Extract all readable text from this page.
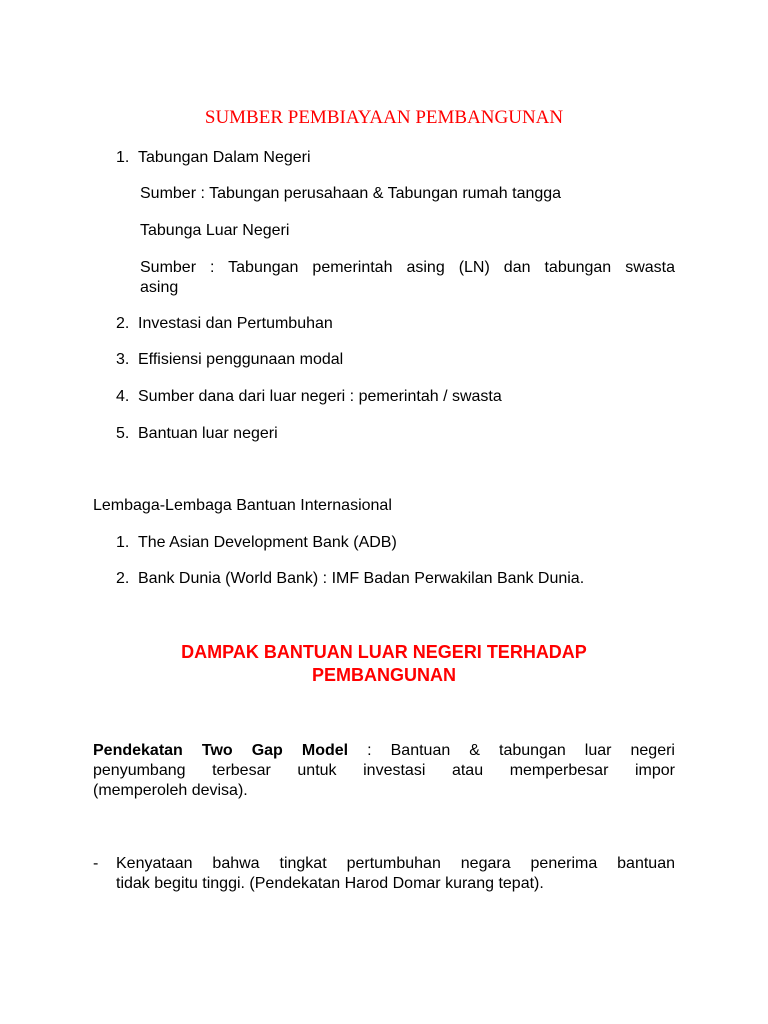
SUMBER PEMBIAYAAN PEMBANGUNAN
1. Tabungan Dalam Negeri
Sumber : Tabungan perusahaan & Tabungan rumah tangga
Tabunga Luar Negeri
Sumber : Tabungan pemerintah asing (LN) dan tabungan swasta
asing
2. Investasi dan Pertumbuhan
3. Effisiensi penggunaan modal
4. Sumber dana dari luar negeri : pemerintah / swasta
5. Bantuan luar negeri
Lembaga-Lembaga Bantuan Internasional
1. The Asian Development Bank (ADB)
2. Bank Dunia (World Bank) : IMF Badan Perwakilan Bank Dunia.
DAMPAK BANTUAN LUAR NEGERI TERHADAP
PEMBANGUNAN
Pendekatan Two Gap Model : Bantuan & tabungan luar negeri
penyumbang terbesar untuk investasi atau memperbesar impor
(memperoleh devisa).
- Kenyataan bahwa tingkat pertumbuhan negara penerima bantuan
tidak begitu tinggi. (Pendekatan Harod Domar kurang tepat).
